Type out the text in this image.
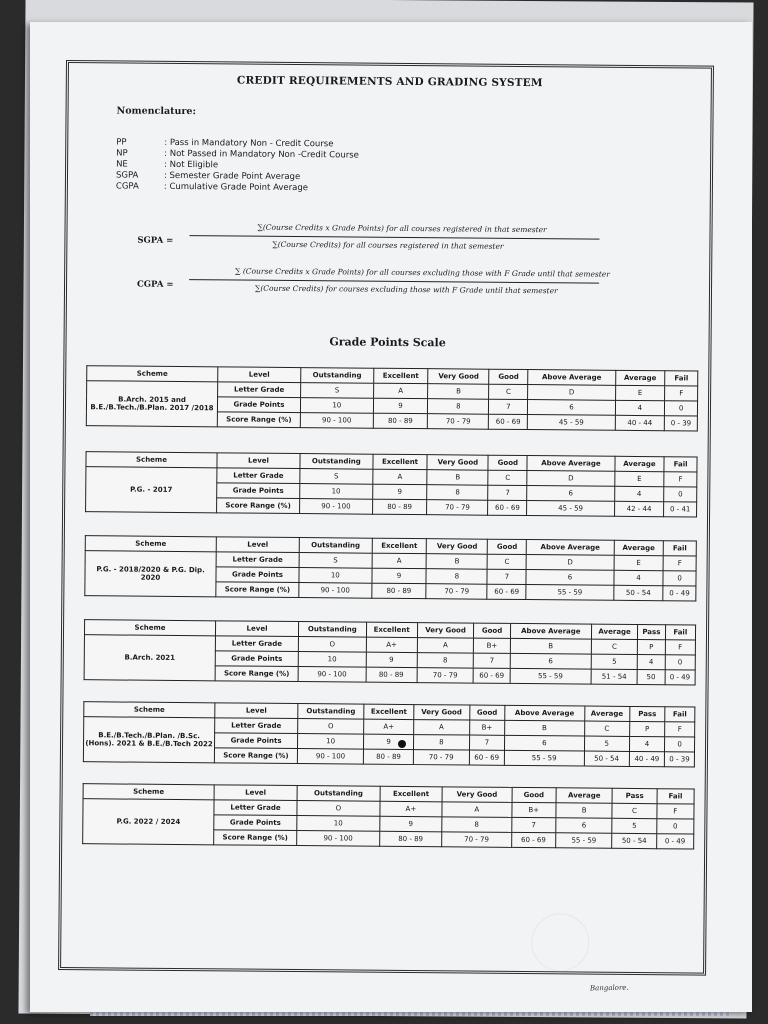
CREDIT REQUIREMENTS AND GRADING SYSTEM
Nomenclature:
PP	: Pass in Mandatory Non - Credit Course
NP	: Not Passed in Mandatory Non -Credit Course
NE	: Not Eligible
SGPA	: Semester Grade Point Average
CGPA	: Cumulative Grade Point Average
SGPA =
∑(Course Credits x Grade Points) for all courses registered in that semester
∑(Course Credits) for all courses registered in that semester
CGPA =
∑ (Course Credits x Grade Points) for all courses excluding those with F Grade until that semester
∑(Course Credits) for courses excluding those with F Grade until that semester
Grade Points Scale
Scheme	Level	Outstanding	Excellent	Very Good	Good	Above Average	Average	Fail
B.Arch. 2015 and B.E./B.Tech./B.Plan. 2017 /2018	Letter Grade	S	A	B	C	D	E	F
	Grade Points	10	9	8	7	6	4	0
	Score Range (%)	90 - 100	80 - 89	70 - 79	60 - 69	45 - 59	40 - 44	0 - 39
Scheme	Level	Outstanding	Excellent	Very Good	Good	Above Average	Average	Fail
P.G. - 2017	Letter Grade	S	A	B	C	D	E	F
	Grade Points	10	9	8	7	6	4	0
	Score Range (%)	90 - 100	80 - 89	70 - 79	60 - 69	45 - 59	42 - 44	0 - 41
Scheme	Level	Outstanding	Excellent	Very Good	Good	Above Average	Average	Fail
P.G. - 2018/2020 & P.G. Dip. 2020	Letter Grade	S	A	B	C	D	E	F
	Grade Points	10	9	8	7	6	4	0
	Score Range (%)	90 - 100	80 - 89	70 - 79	60 - 69	55 - 59	50 - 54	0 - 49
Scheme	Level	Outstanding	Excellent	Very Good	Good	Above Average	Average	Pass	Fail
B.Arch. 2021	Letter Grade	O	A+	A	B+	B	C	P	F
	Grade Points	10	9	8	7	6	5	4	0
	Score Range (%)	90 - 100	80 - 89	70 - 79	60 - 69	55 - 59	51 - 54	50	0 - 49
Scheme	Level	Outstanding	Excellent	Very Good	Good	Above Average	Average	Pass	Fail
B.E./B.Tech./B.Plan. /B.Sc.(Hons). 2021 & B.E./B.Tech 2022	Letter Grade	O	A+	A	B+	B	C	P	F
	Grade Points	10	9	8	7	6	5	4	0
	Score Range (%)	90 - 100	80 - 89	70 - 79	60 - 69	55 - 59	50 - 54	40 - 49	0 - 39
Scheme	Level	Outstanding	Excellent	Very Good	Good	Average	Pass	Fail
P.G. 2022 / 2024	Letter Grade	O	A+	A	B+	B	C	F
	Grade Points	10	9	8	7	6	5	0
	Score Range (%)	90 - 100	80 - 89	70 - 79	60 - 69	55 - 59	50 - 54	0 - 49
Bangalore.
